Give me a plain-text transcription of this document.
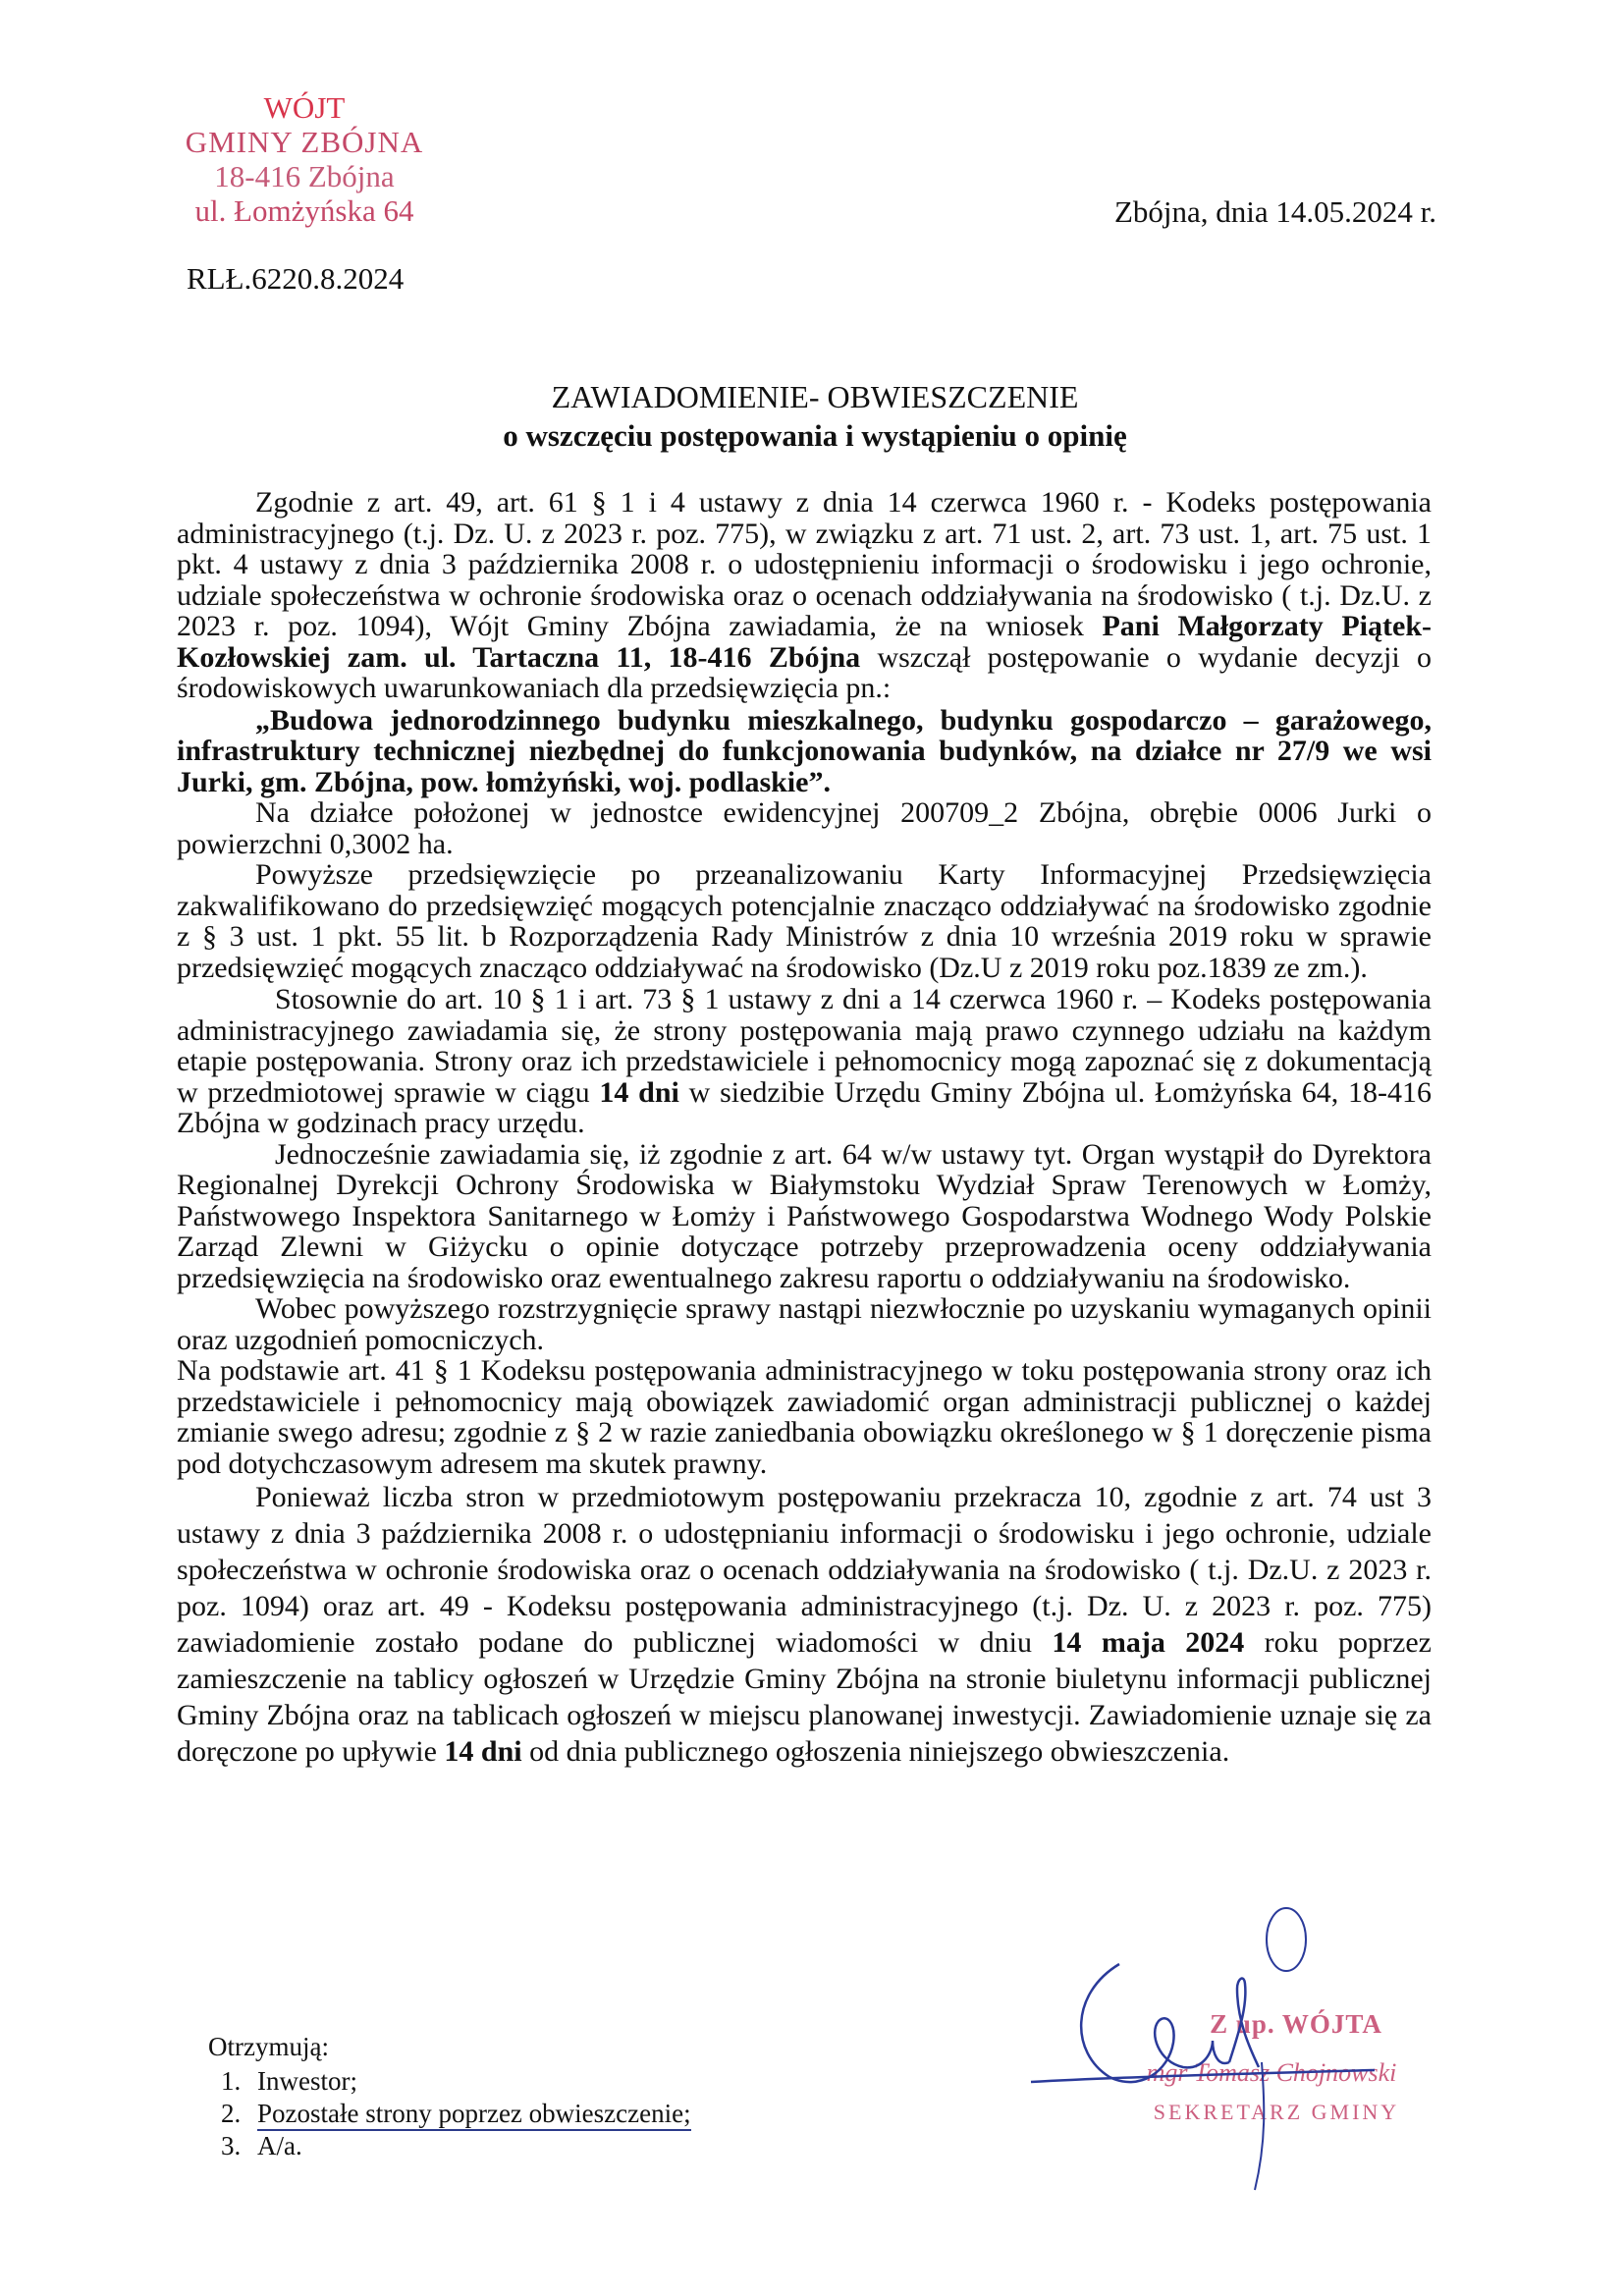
WÓJT
GMINY ZBÓJNA
18-416 Zbójna
ul. Łomżyńska 64	Zbójna, dnia 14.05.2024 r.
RLŁ.6220.8.2024
ZAWIADOMIENIE- OBWIESZCZENIE
o wszczęciu postępowania i wystąpieniu o opinię

Zgodnie z art. 49, art. 61 § 1 i 4 ustawy z dnia 14 czerwca 1960 r. - Kodeks postępowania administracyjnego (t.j. Dz. U. z 2023 r. poz. 775), w związku z art. 71 ust. 2, art. 73 ust. 1, art. 75 ust. 1 pkt. 4 ustawy z dnia 3 października 2008 r. o udostępnieniu informacji o środowisku i jego ochronie, udziale społeczeństwa w ochronie środowiska oraz o ocenach oddziaływania na środowisko ( t.j. Dz.U. z 2023 r. poz. 1094), Wójt Gminy Zbójna zawiadamia, że na wniosek Pani Małgorzaty Piątek-Kozłowskiej zam. ul. Tartaczna 11, 18-416 Zbójna wszczął postępowanie o wydanie decyzji o środowiskowych uwarunkowaniach dla przedsięwzięcia pn.:

„Budowa jednorodzinnego budynku mieszkalnego, budynku gospodarczo – garażowego, infrastruktury technicznej niezbędnej do funkcjonowania budynków, na działce nr 27/9 we wsi Jurki, gm. Zbójna, pow. łomżyński, woj. podlaskie”.

Na działce położonej w jednostce ewidencyjnej 200709_2 Zbójna, obrębie 0006 Jurki o powierzchni 0,3002 ha.

Powyższe przedsięwzięcie po przeanalizowaniu Karty Informacyjnej Przedsięwzięcia zakwalifikowano do przedsięwzięć mogących potencjalnie znacząco oddziaływać na środowisko zgodnie z § 3 ust. 1 pkt. 55 lit. b Rozporządzenia Rady Ministrów z dnia 10 września 2019 roku w sprawie przedsięwzięć mogących znacząco oddziaływać na środowisko (Dz.U z 2019 roku poz.1839 ze zm.).

Stosownie do art. 10 § 1 i art. 73 § 1 ustawy z dni a 14 czerwca 1960 r. – Kodeks postępowania administracyjnego zawiadamia się, że strony postępowania mają prawo czynnego udziału na każdym etapie postępowania. Strony oraz ich przedstawiciele i pełnomocnicy mogą zapoznać się z dokumentacją w przedmiotowej sprawie w ciągu 14 dni w siedzibie Urzędu Gminy Zbójna ul. Łomżyńska 64, 18-416 Zbójna w godzinach pracy urzędu.

Jednocześnie zawiadamia się, iż zgodnie z art. 64 w/w ustawy tyt. Organ wystąpił do Dyrektora Regionalnej Dyrekcji Ochrony Środowiska w Białymstoku Wydział Spraw Terenowych w Łomży, Państwowego Inspektora Sanitarnego w Łomży i Państwowego Gospodarstwa Wodnego Wody Polskie Zarząd Zlewni w Giżycku o opinie dotyczące potrzeby przeprowadzenia oceny oddziaływania przedsięwzięcia na środowisko oraz ewentualnego zakresu raportu o oddziaływaniu na środowisko.

Wobec powyższego rozstrzygnięcie sprawy nastąpi niezwłocznie po uzyskaniu wymaganych opinii oraz uzgodnień pomocniczych.

Na podstawie art. 41 § 1 Kodeksu postępowania administracyjnego w toku postępowania strony oraz ich przedstawiciele i pełnomocnicy mają obowiązek zawiadomić organ administracji publicznej o każdej zmianie swego adresu; zgodnie z § 2 w razie zaniedbania obowiązku określonego w § 1 doręczenie pisma pod dotychczasowym adresem ma skutek prawny.

Ponieważ liczba stron w przedmiotowym postępowaniu przekracza 10, zgodnie z art. 74 ust 3 ustawy z dnia 3 października 2008 r. o udostępnianiu informacji o środowisku i jego ochronie, udziale społeczeństwa w ochronie środowiska oraz o ocenach oddziaływania na środowisko ( t.j. Dz.U. z 2023 r. poz. 1094) oraz art. 49 - Kodeksu postępowania administracyjnego (t.j. Dz. U. z 2023 r. poz. 775) zawiadomienie zostało podane do publicznej wiadomości w dniu 14 maja 2024 roku poprzez zamieszczenie na tablicy ogłoszeń w Urzędzie Gminy Zbójna na stronie biuletynu informacji publicznej Gminy Zbójna oraz na tablicach ogłoszeń w miejscu planowanej inwestycji. Zawiadomienie uznaje się za doręczone po upływie 14 dni od dnia publicznego ogłoszenia niniejszego obwieszczenia.

Otrzymują:
1. Inwestor;
2. Pozostałe strony poprzez obwieszczenie;
3. A/a.
Z up. WÓJTA
mgr Tomasz Chojnowski
SEKRETARZ GMINY
